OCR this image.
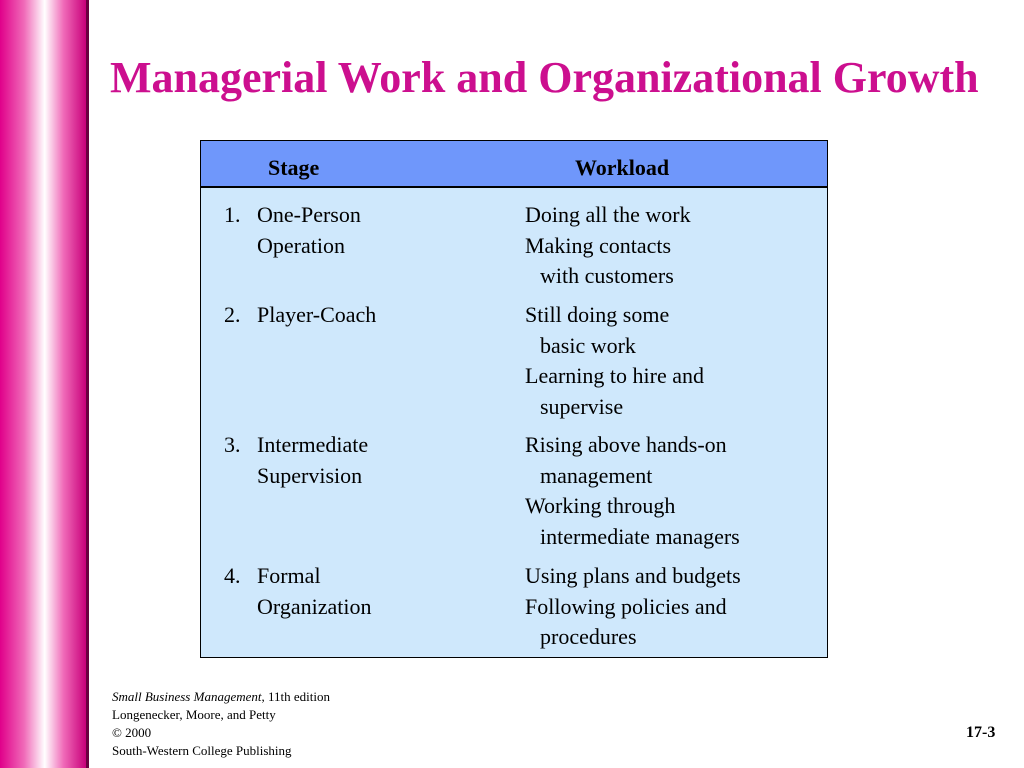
Managerial Work and Organizational Growth
Stage	Workload
1. One-Person
Operation
Doing all the work
Making contacts
with customers
2. Player-Coach	Still doing some
basic work
Learning to hire and
supervise
3. Intermediate
Supervision
Rising above hands-on
management
Working through
intermediate managers
4. Formal
Organization
Using plans and budgets
Following policies and
procedures
Small Business Management, 11th edition
Longenecker, Moore, and Petty
© 2000
South-Western College Publishing
17-3
